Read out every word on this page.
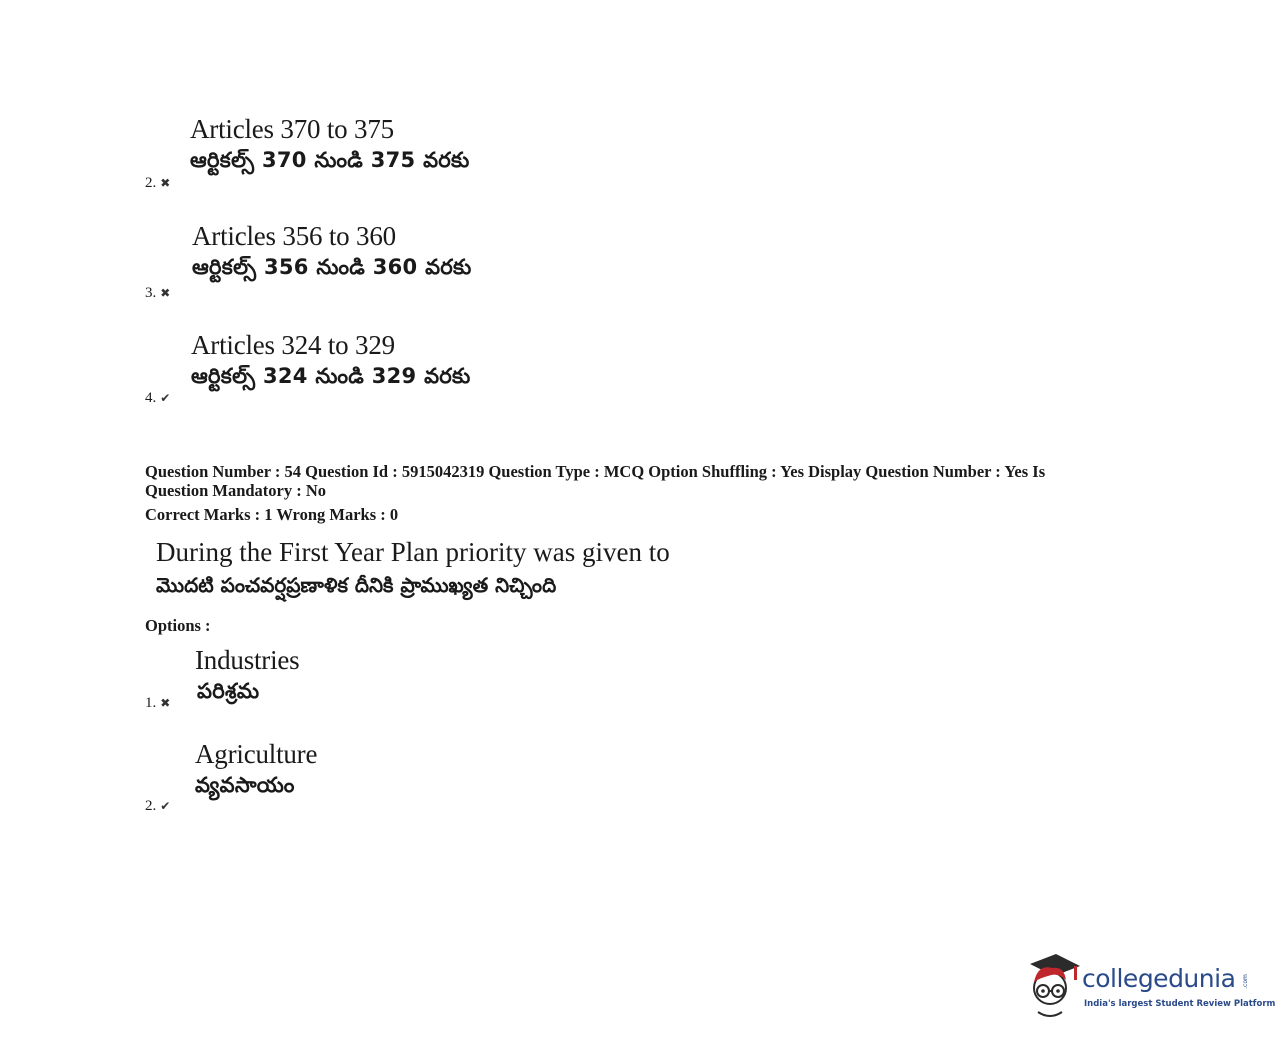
Articles 370 to 375
ఆర్టికల్స్ 370 నుండి 375 వరకు
2. ✖
Articles 356 to 360
ఆర్టికల్స్ 356 నుండి 360 వరకు
3. ✖
Articles 324 to 329
ఆర్టికల్స్ 324 నుండి 329 వరకు
4. ✔
Question Number : 54 Question Id : 5915042319 Question Type : MCQ Option Shuffling : Yes Display Question Number : Yes Is
Question Mandatory : No
Correct Marks : 1 Wrong Marks : 0
During the First Year Plan priority was given to
మొదటి పంచవర్షప్రణాళిక దీనికి ప్రాముఖ్యత నిచ్చింది
Options :
Industries
పరిశ్రమ
1. ✖
Agriculture
వ్యవసాయం
2. ✔
collegedunia .com
India's largest Student Review Platform
